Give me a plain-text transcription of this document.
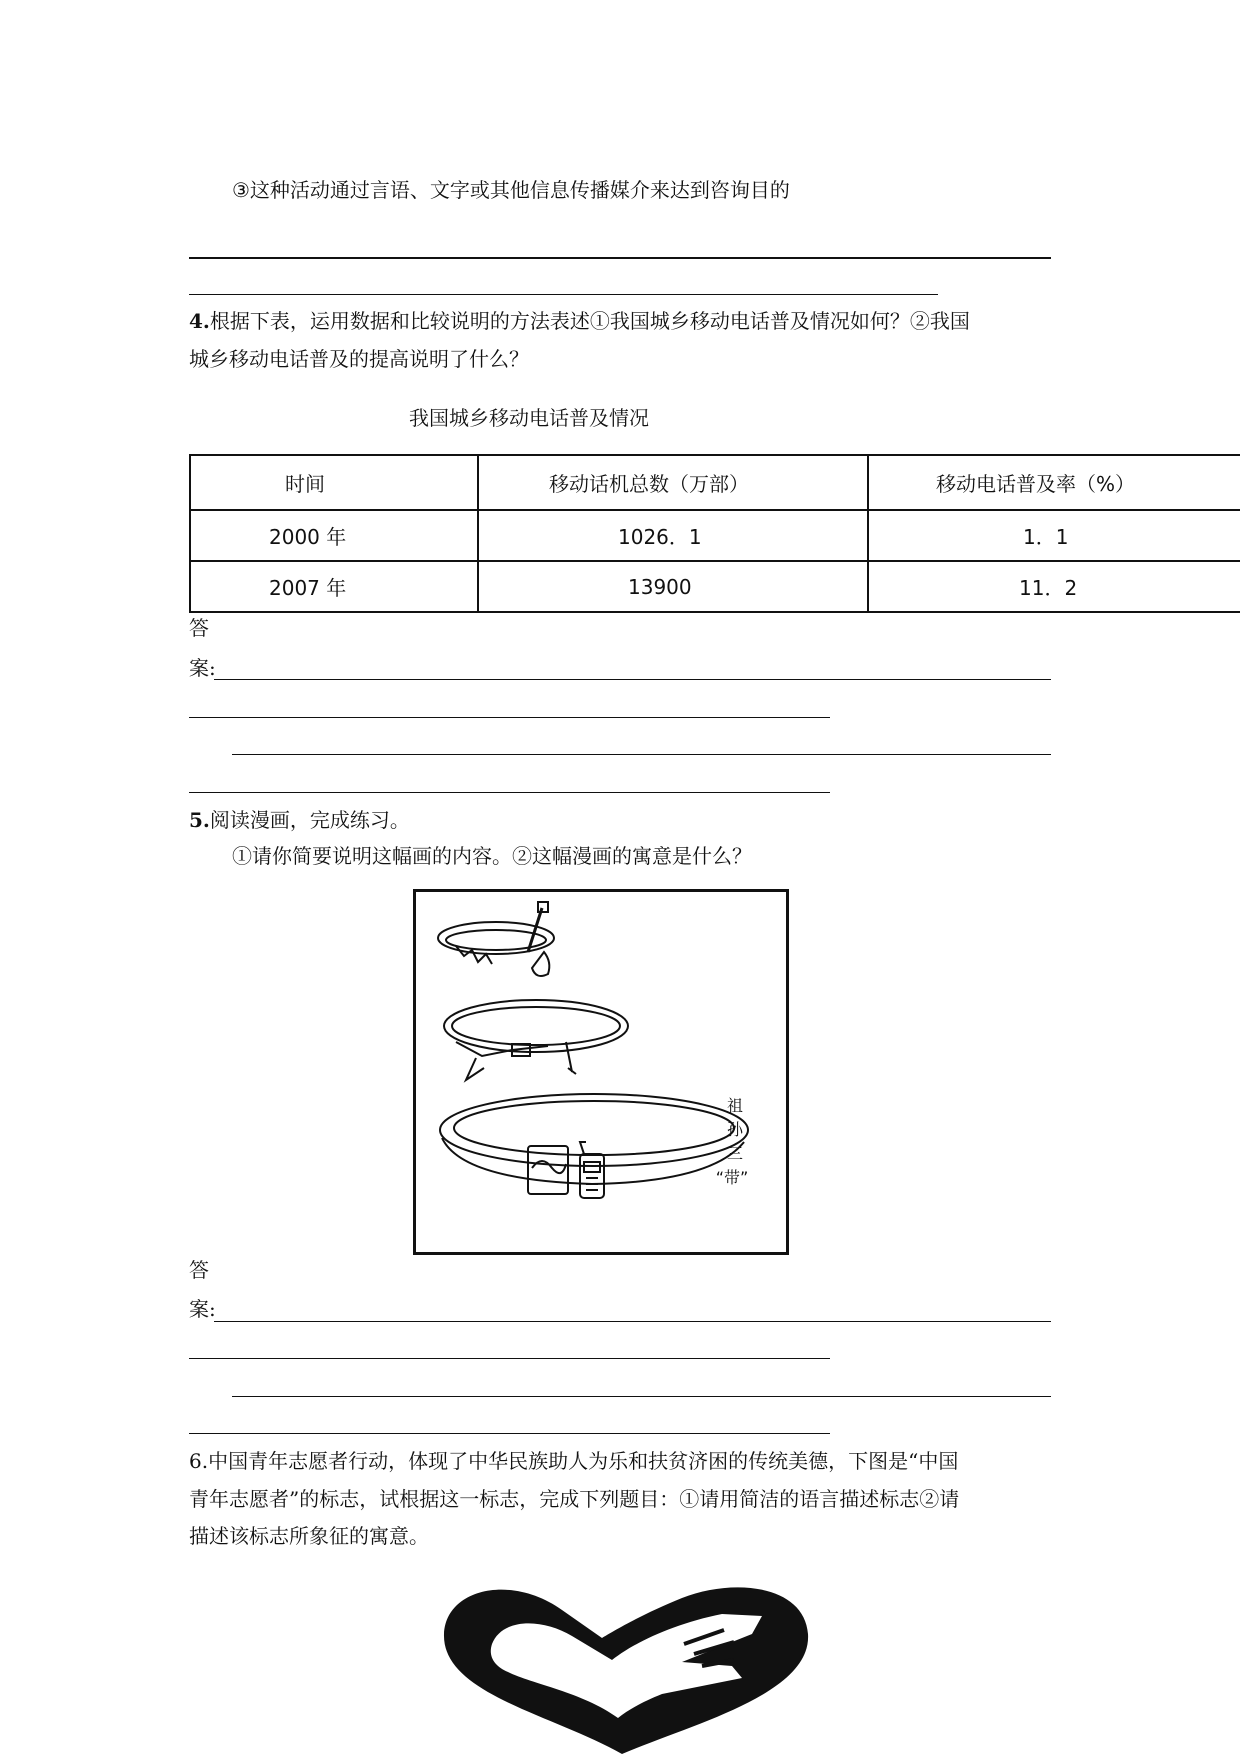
③这种活动通过言语、文字或其他信息传播媒介来达到咨询目的
4.根据下表，运用数据和比较说明的方法表述①我国城乡移动电话普及情况如何？②我国
城乡移动电话普及的提高说明了什么？
我国城乡移动电话普及情况
时间	移动话机总数（万部）	移动电话普及率（%）
2000 年	1026．1	1．1
2007 年	13900	11．2
答
案:
5.阅读漫画，完成练习。
①请你简要说明这幅画的内容。②这幅漫画的寓意是什么？
祖
孙
三
“带”
答
案:
6.中国青年志愿者行动，体现了中华民族助人为乐和扶贫济困的传统美德，下图是“中国
青年志愿者”的标志，试根据这一标志，完成下列题目：①请用简洁的语言描述标志②请
描述该标志所象征的寓意。
